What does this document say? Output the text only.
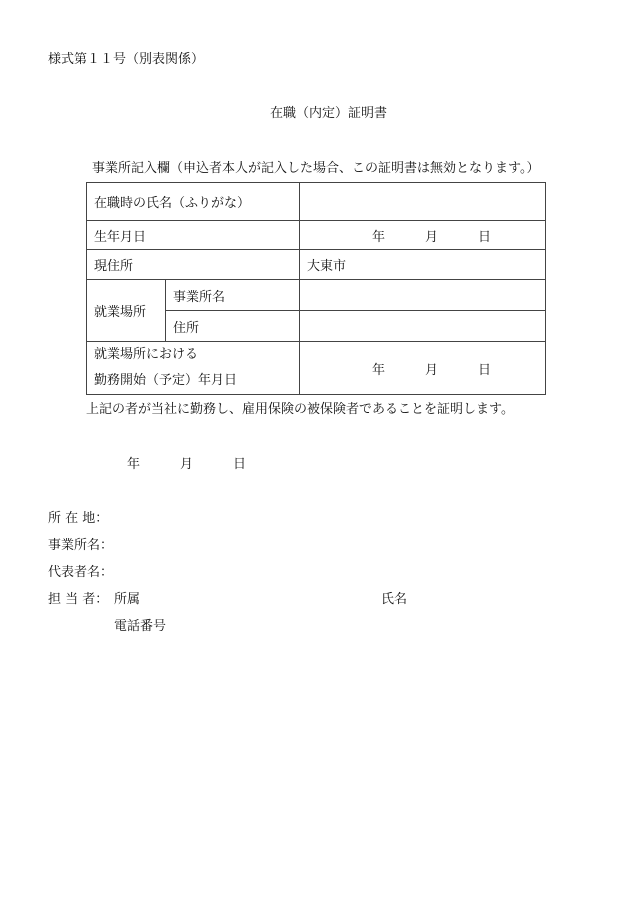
様式第１１号（別表関係）
在職（内定）証明書
事業所記入欄（申込者本人が記入した場合、この証明書は無効となります。）
在職時の氏名（ふりがな）		
生年月日		年 月 日
現住所		大東市
就業場所	事業所名	
	住所	

就業場所における
勤務開始（予定）年月日		年 月 日
上記の者が当社に勤務し、雇用保険の被保険者であることを証明します。
年	月	日
所 在 地：
事業所名：
代表者名：
担 当 者： 所属	氏名
電話番号
